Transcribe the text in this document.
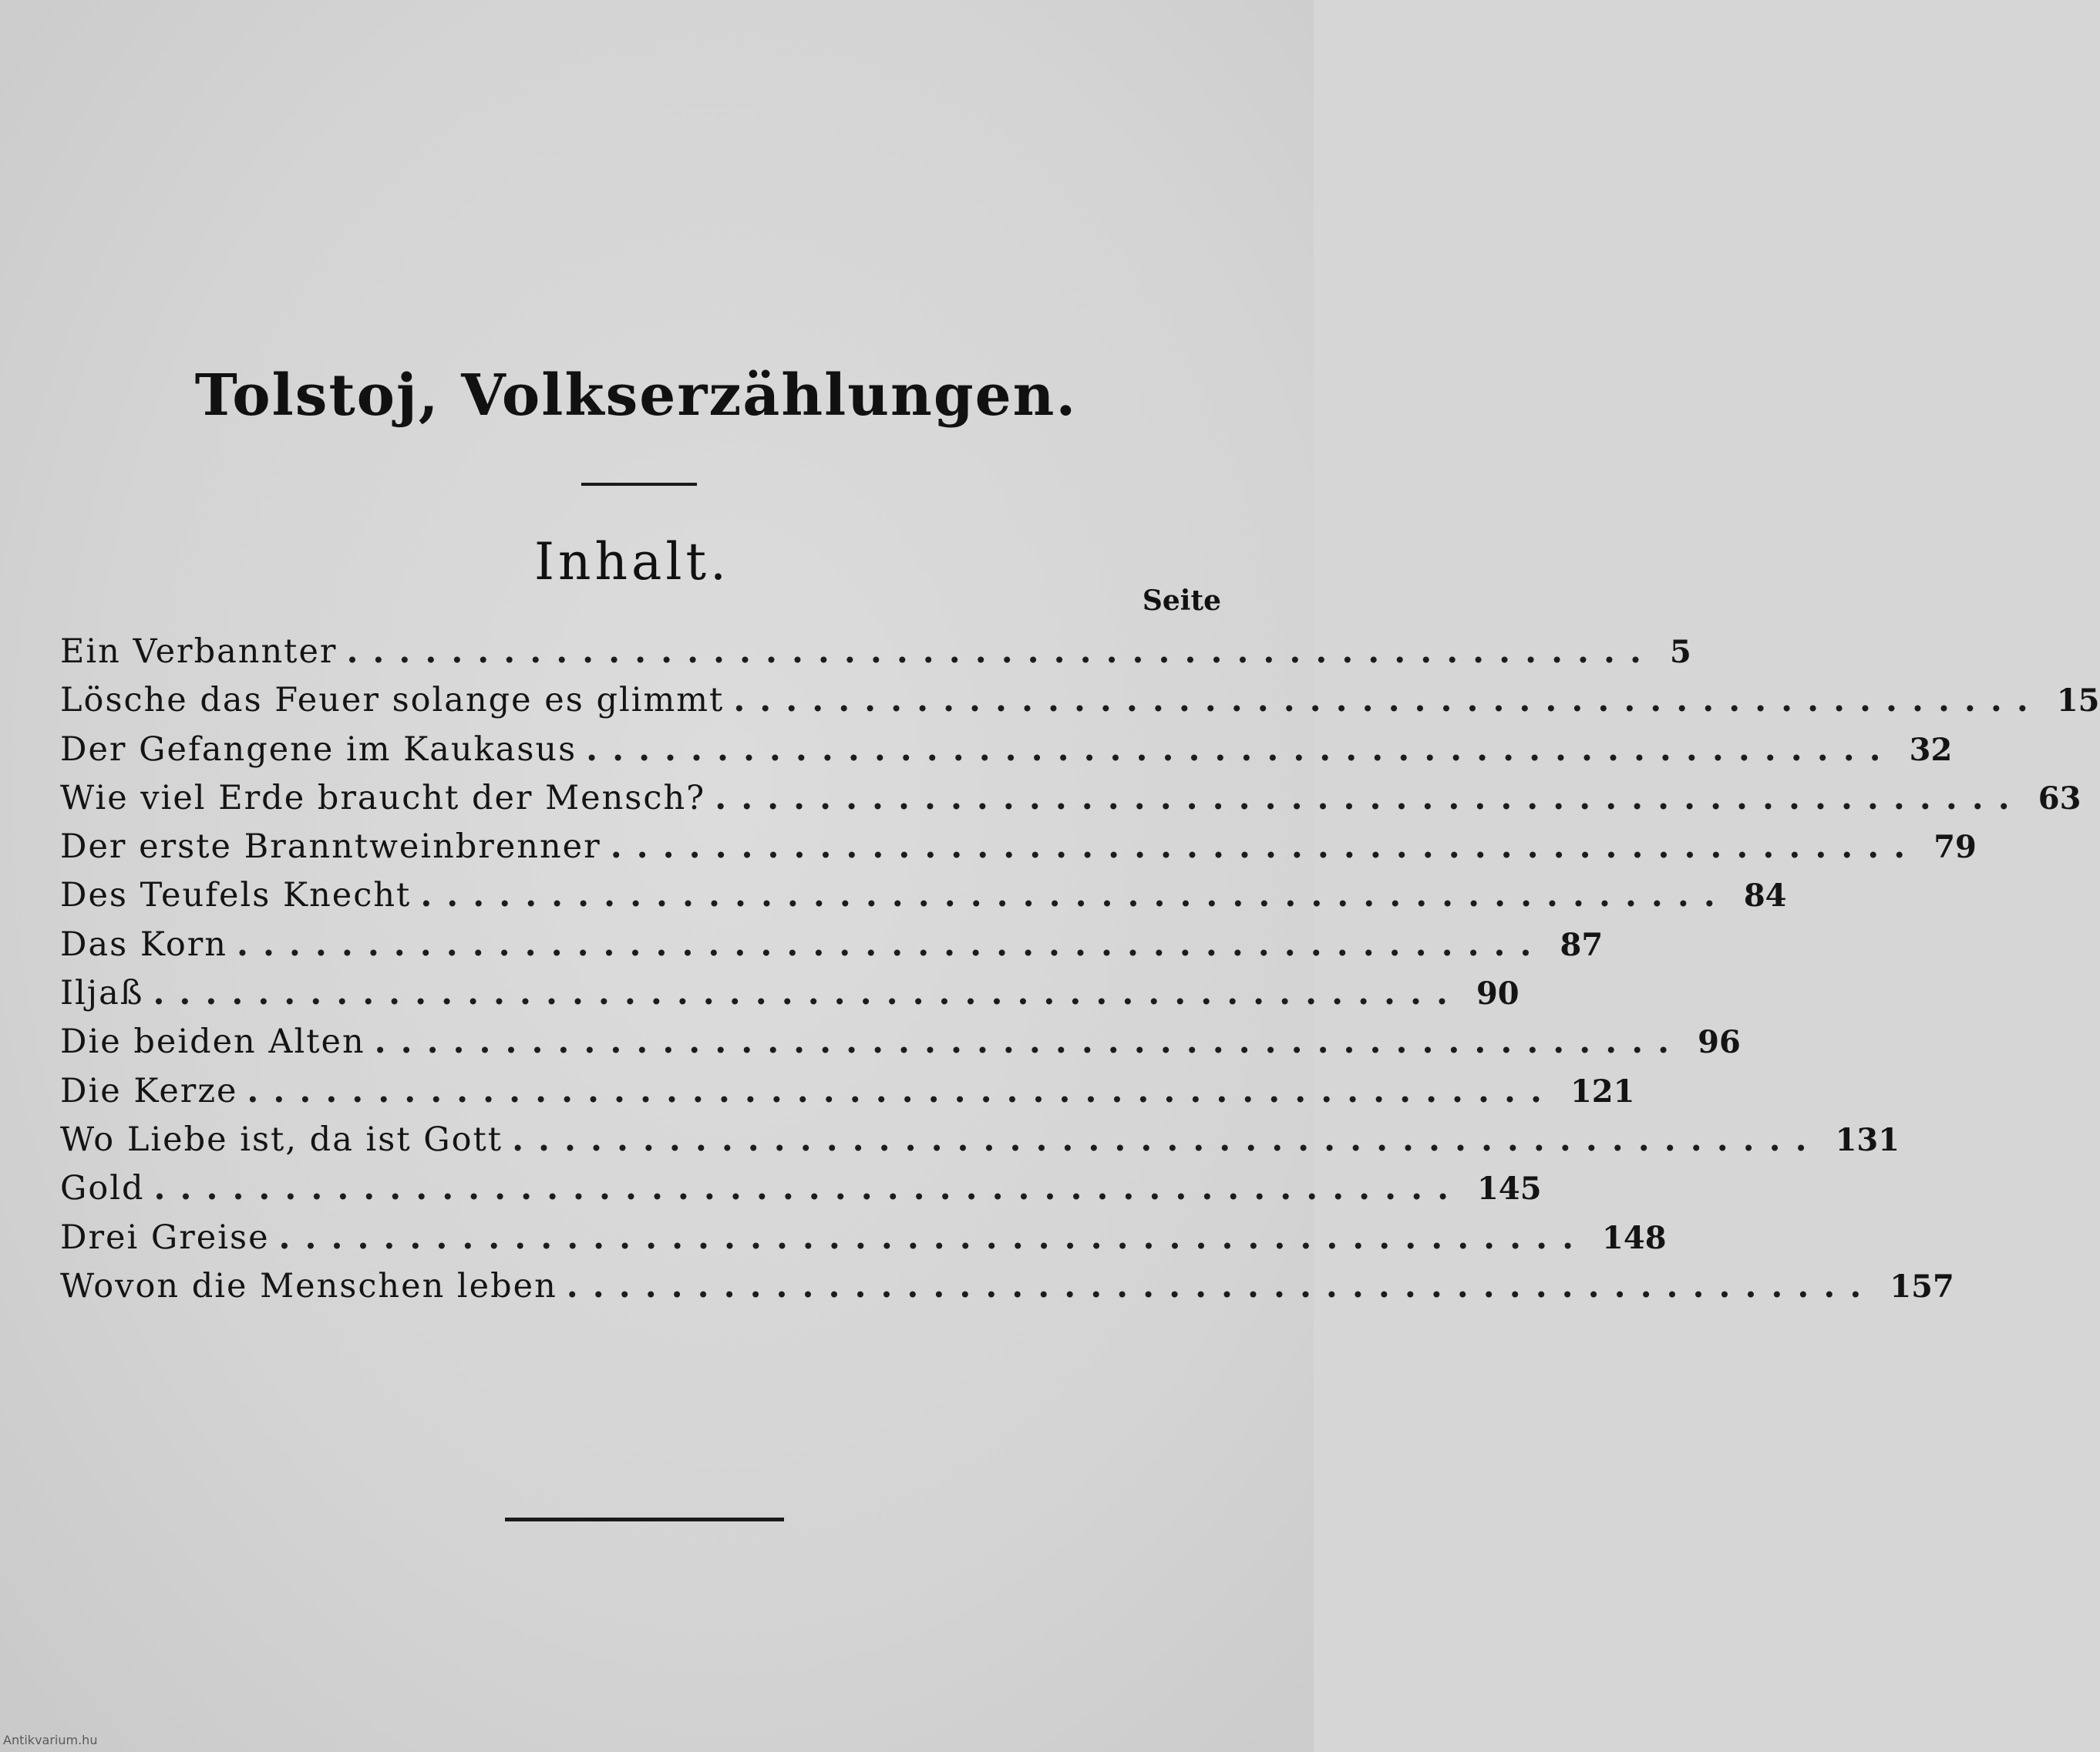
Tolstoj, Volkserzählungen.
Inhalt.
Seite
Ein Verbannter .................................................. 5
Lösche das Feuer solange es glimmt .................................................. 15
Der Gefangene im Kaukasus .................................................. 32
Wie viel Erde braucht der Mensch? .................................................. 63
Der erste Branntweinbrenner .................................................. 79
Des Teufels Knecht .................................................. 84
Das Korn .................................................. 87
Iljaß .................................................. 90
Die beiden Alten .................................................. 96
Die Kerze .................................................. 121
Wo Liebe ist, da ist Gott .................................................. 131
Gold .................................................. 145
Drei Greise .................................................. 148
Wovon die Menschen leben .................................................. 157
Antikvarium.hu
